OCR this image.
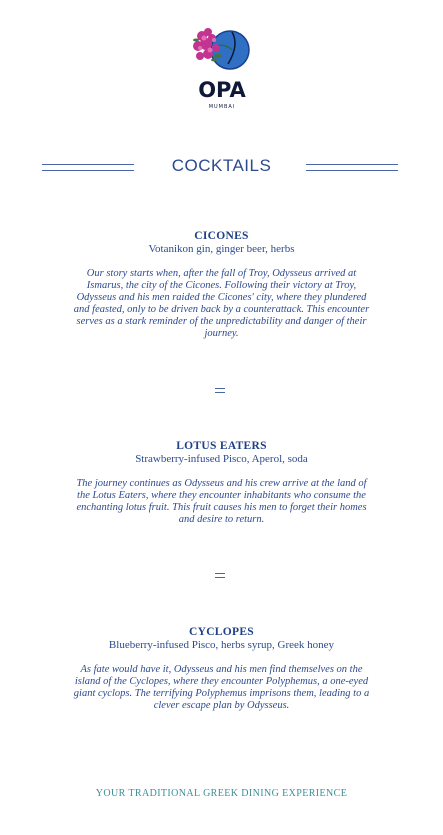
OPA
MUMBAI
COCKTAILS
CICONES
Votanikon gin, ginger beer, herbs
Our story starts when, after the fall of Troy, Odysseus arrived at Ismarus, the city of the Cicones. Following their victory at Troy, Odysseus and his men raided the Cicones' city, where they plundered and feasted, only to be driven back by a counterattack. This encounter serves as a stark reminder of the unpredictability and danger of their journey.
LOTUS EATERS
Strawberry-infused Pisco, Aperol, soda
The journey continues as Odysseus and his crew arrive at the land of the Lotus Eaters, where they encounter inhabitants who consume the enchanting lotus fruit. This fruit causes his men to forget their homes and desire to return.
CYCLOPES
Blueberry-infused Pisco, herbs syrup, Greek honey
As fate would have it, Odysseus and his men find themselves on the island of the Cyclopes, where they encounter Polyphemus, a one-eyed giant cyclops. The terrifying Polyphemus imprisons them, leading to a clever escape plan by Odysseus.
YOUR TRADITIONAL GREEK DINING EXPERIENCE
